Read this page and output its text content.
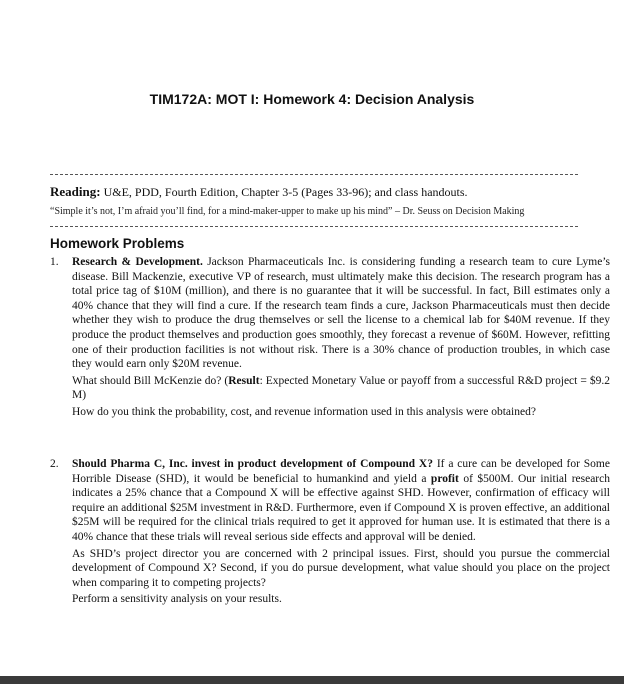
TIM172A: MOT I: Homework 4: Decision Analysis
Reading: U&E, PDD, Fourth Edition, Chapter 3-5 (Pages 33-96); and class handouts.
“Simple it’s not, I’m afraid you’ll find, for a mind-maker-upper to make up his mind” – Dr. Seuss on Decision Making
Homework Problems
1. Research & Development. Jackson Pharmaceuticals Inc. is considering funding a research team to cure Lyme’s disease. Bill Mackenzie, executive VP of research, must ultimately make this decision. The research program has a total price tag of $10M (million), and there is no guarantee that it will be successful. In fact, Bill estimates only a 40% chance that they will find a cure. If the research team finds a cure, Jackson Pharmaceuticals must then decide whether they wish to produce the drug themselves or sell the license to a chemical lab for $40M revenue. If they produce the product themselves and production goes smoothly, they forecast a revenue of $60M. However, refitting one of their production facilities is not without risk. There is a 30% chance of production troubles, in which case they would earn only $20M revenue.

What should Bill McKenzie do? (Result: Expected Monetary Value or payoff from a successful R&D project = $9.2 M)

How do you think the probability, cost, and revenue information used in this analysis were obtained?

2. Should Pharma C, Inc. invest in product development of Compound X? If a cure can be developed for Some Horrible Disease (SHD), it would be beneficial to humankind and yield a profit of $500M. Our initial research indicates a 25% chance that a Compound X will be effective against SHD. However, confirmation of efficacy will require an additional $25M investment in R&D. Furthermore, even if Compound X is proven effective, an additional $25M will be required for the clinical trials required to get it approved for human use. It is estimated that there is a 40% chance that these trials will reveal serious side effects and approval will be denied.

As SHD’s project director you are concerned with 2 principal issues. First, should you pursue the commercial development of Compound X? Second, if you do pursue development, what value should you place on the project when comparing it to competing projects?

Perform a sensitivity analysis on your results.
